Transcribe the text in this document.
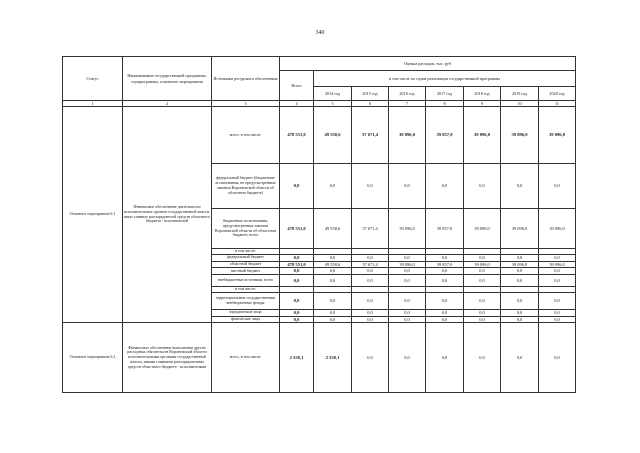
340
Статус	Наименование государственной программы, подпрограммы, основного мероприятия	Источники ресурсного обеспечения	Оценка расходов, тыс. руб							
			Всего	в том числе по годам реализации государственной программы						
				2014 год	2015 год	2016 год	2017 год	2018 год	2019 год	2020 год
1	2	3	4	5	6	7	8	9	10	11
Основное мероприятие 6.1	Финансовое обеспечение деятельности исполнительных органов государственной власти, иных главных распорядителей средств областного бюджета - исполнителей	всего, в том числе:	478 551,0	49 558,6	37 671,4	39 096,0	39 857,0	39 096,0	39 096,0	39 096,0
		федеральный бюджет (бюджетные ассигнования, не предусмотренные законом Воронежской области об областном бюджете)	0,0	0,0	0,0	0,0	0,0	0,0	0,0	0,0
		бюджетные ассигнования, предусмотренные законом Воронежской области об областном бюджете, всего	478 551,0	49 558,6	37 671,4	39 096,0	39 857,0	39 096,0	39 096,0	39 096,0
		в том числе:								
		федеральный бюджет	0,0	0,0	0,0	0,0	0,0	0,0	0,0	0,0
		областной бюджет	478 551,0	49 558,6	37 671,4	39 096,0	39 857,0	39 096,0	39 096,0	39 096,0
		местный бюджет	0,0	0,0	0,0	0,0	0,0	0,0	0,0	0,0
		внебюджетные источники, всего	0,0	0,0	0,0	0,0	0,0	0,0	0,0	0,0
		в том числе:								
		территориальные государственные внебюджетные фонды	0,0	0,0	0,0	0,0	0,0	0,0	0,0	0,0
		юридические лица	0,0	0,0	0,0	0,0	0,0	0,0	0,0	0,0
		физические лица	0,0	0,0	0,0	0,0	0,0	0,0	0,0	0,0
Основное мероприятие 6.2	Финансовое обеспечение выполнения других расходных обязательств Воронежской области исполнительными органами государственной власти, иными главными распорядителями средств областного бюджета - исполнителями	всего, в том числе:	2 558,1	2 558,1	0,0	0,0	0,0	0,0	0,0	0,0
